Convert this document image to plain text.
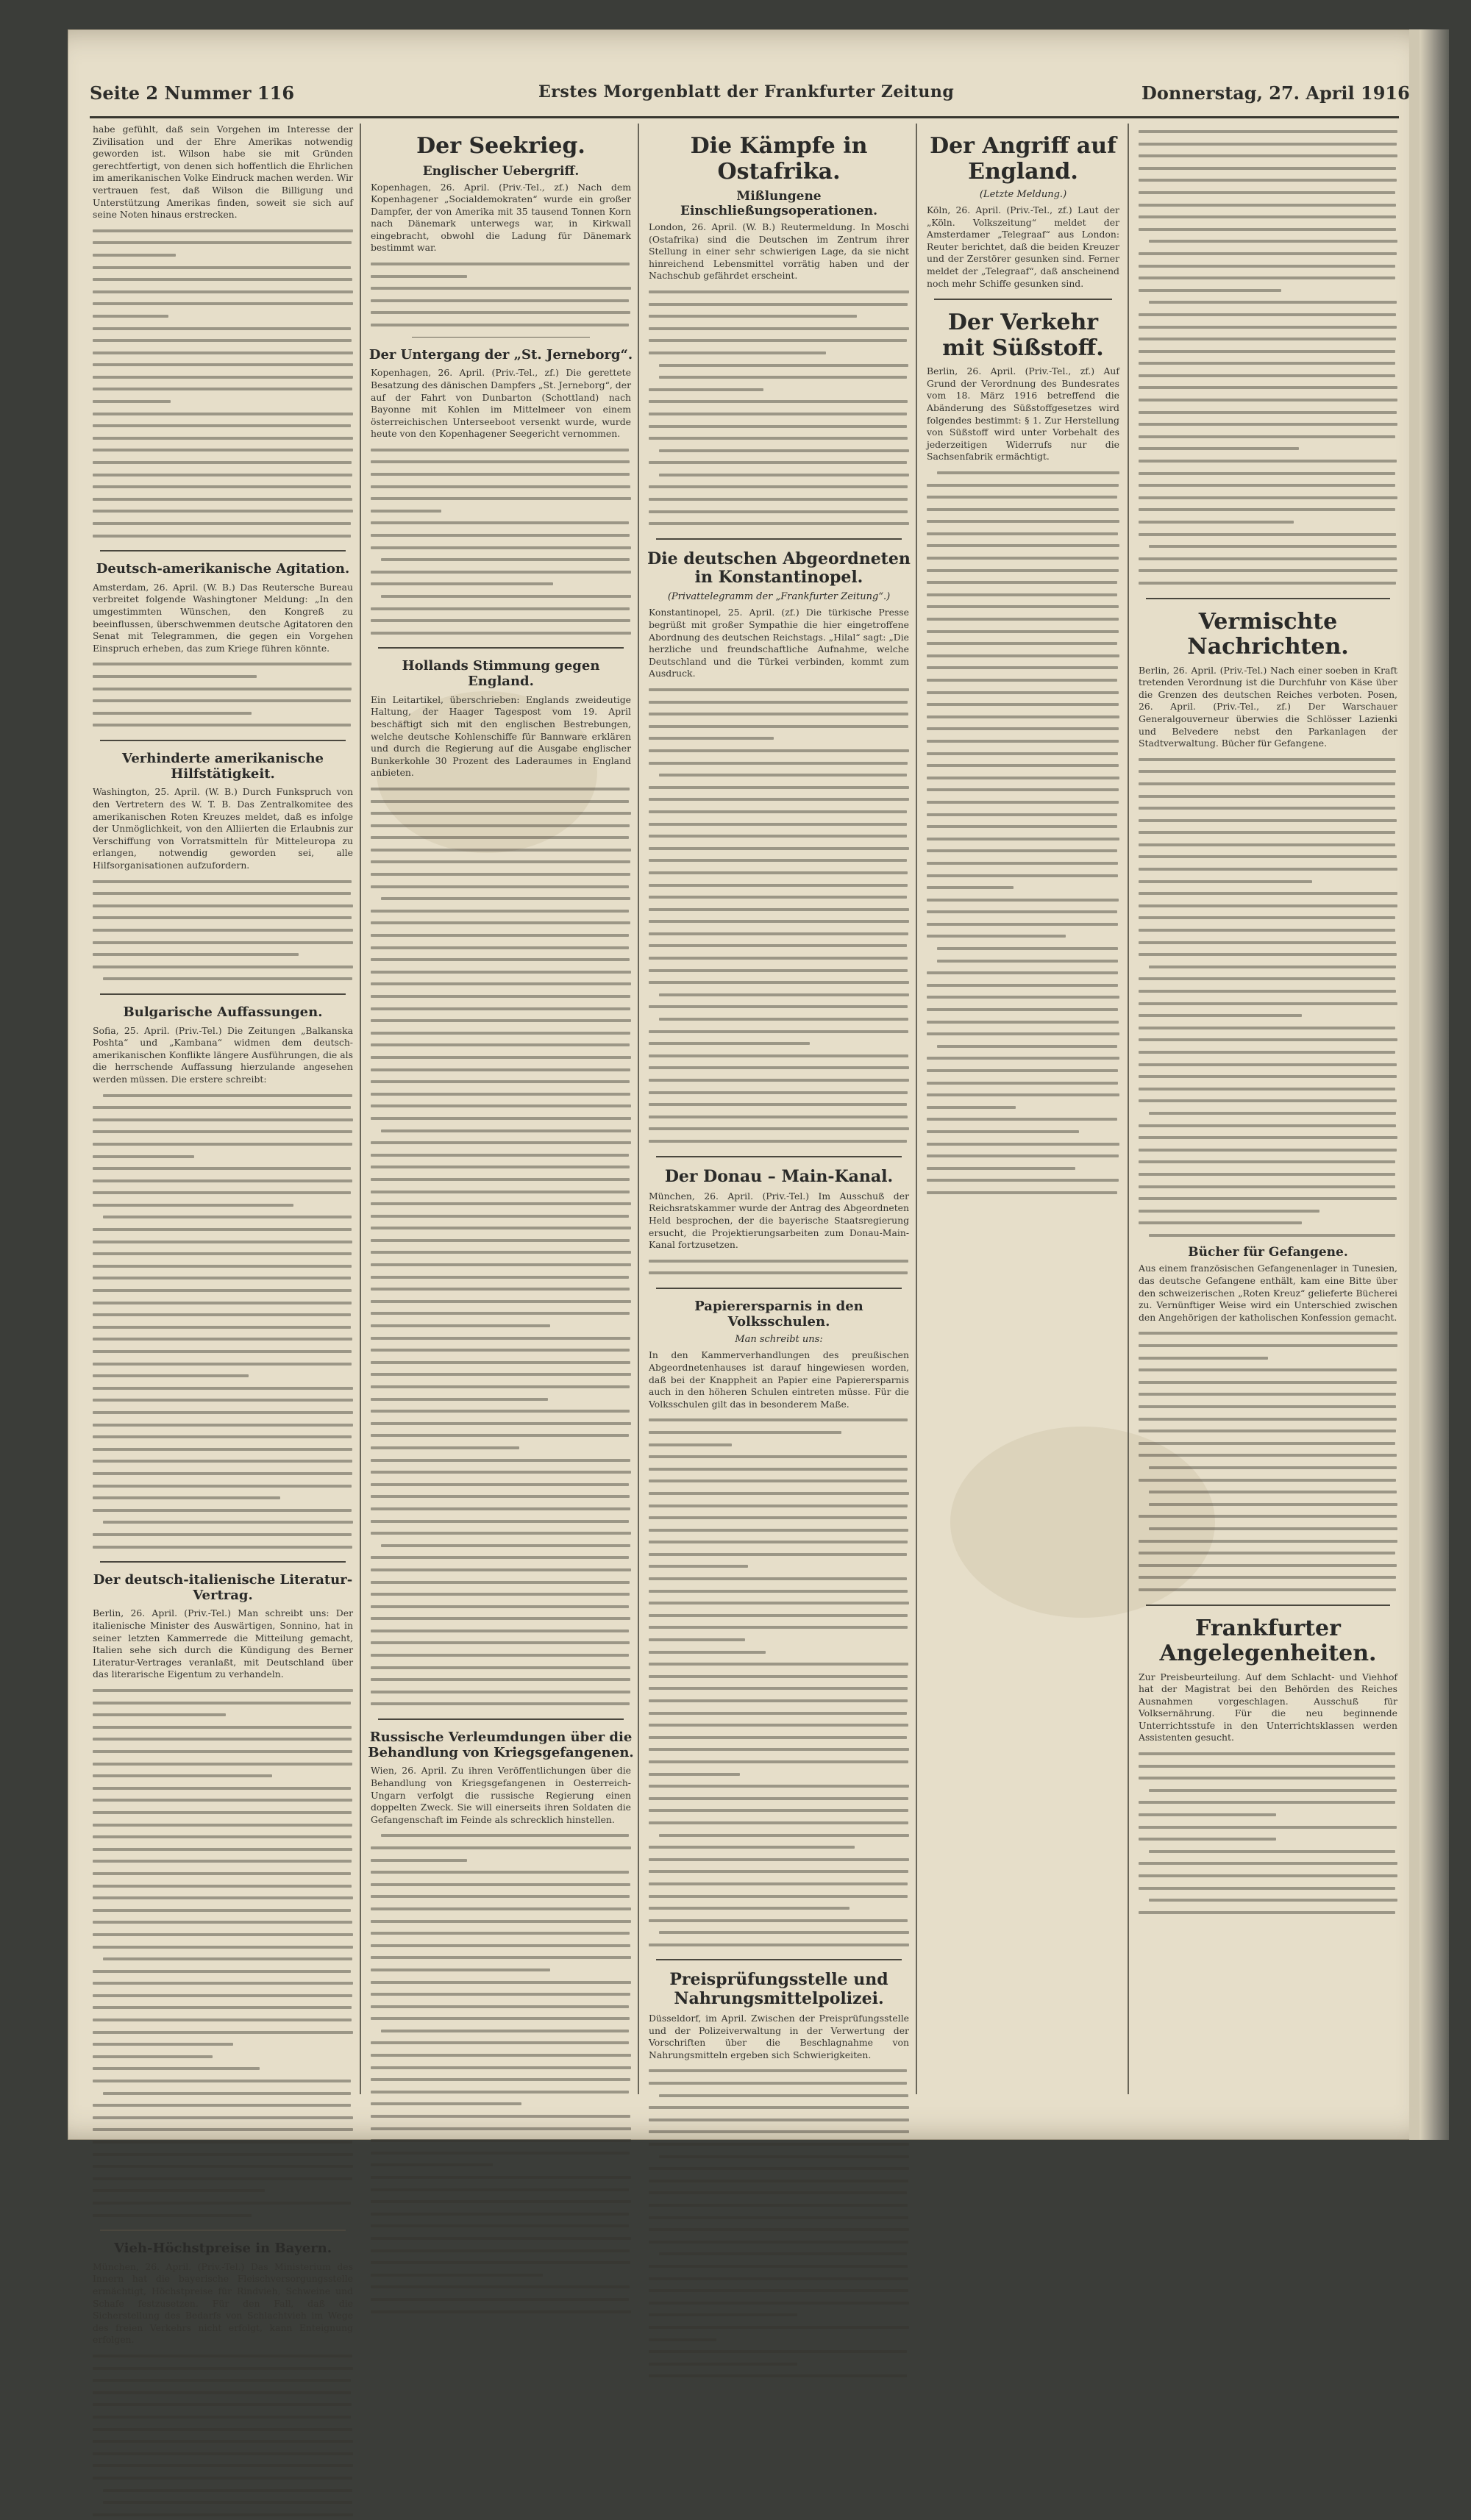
Seite 2 Nummer 116	Erstes Morgenblatt der Frankfurter Zeitung	Donnerstag, 27. April 1916

habe gefühlt, daß sein Vorgehen im Interesse der Zivilisation und der Ehre Amerikas notwendig geworden ist. Wilson habe sie mit Gründen gerechtfertigt, von denen sich hoffentlich die Ehrlichen im amerikanischen Volke Eindruck machen werden. Wir vertrauen fest, daß Wilson die Billigung und Unterstützung Amerikas finden, soweit sie sich auf seine Noten hinaus erstrecken.

Deutsch-amerikanische Agitation.

Amsterdam, 26. April. (W. B.) Das Reutersche Bureau verbreitet folgende Washingtoner Meldung: „In den umgestimmten Wünschen, den Kongreß zu beeinflussen, überschwemmen deutsche Agitatoren den Senat mit Telegrammen, die gegen ein Vorgehen Einspruch erheben, das zum Kriege führen könnte.

Verhinderte amerikanische Hilfstätigkeit.

Washington, 25. April. (W. B.) Durch Funkspruch von den Vertretern des W. T. B. Das Zentralkomitee des amerikanischen Roten Kreuzes meldet, daß es infolge der Unmöglichkeit, von den Alliierten die Erlaubnis zur Verschiffung von Vorratsmitteln für Mitteleuropa zu erlangen, notwendig geworden sei, alle Hilfsorganisationen aufzufordern.

Bulgarische Auffassungen.

Sofia, 25. April. (Priv.-Tel.) Die Zeitungen „Balkanska Poshta“ und „Kambana“ widmen dem deutsch-amerikanischen Konflikte längere Ausführungen, die als die herrschende Auffassung hierzulande angesehen werden müssen. Die erstere schreibt:

Der deutsch-italienische Literatur-Vertrag.

Berlin, 26. April. (Priv.-Tel.) Man schreibt uns: Der italienische Minister des Auswärtigen, Sonnino, hat in seiner letzten Kammerrede die Mitteilung gemacht, Italien sehe sich durch die Kündigung des Berner Literatur-Vertrages veranlaßt, mit Deutschland über das literarische Eigentum zu verhandeln.

Vieh-Höchstpreise in Bayern.

München, 26. April. (Priv.-Tel.) Das Ministerium des Innern hat die bayerische Fleischversorgungsstelle ermächtigt, Höchstpreise für Rindvieh, Schweine und Schafe festzusetzen. Für den Fall, daß die Sicherstellung des Bedarfs von Schlachtvieh im Wege des freien Verkehrs nicht erfolgt, kann Enteignung erfolgen.

Der Seekrieg.
Englischer Uebergriff.

Kopenhagen, 26. April. (Priv.-Tel., zf.) Nach dem Kopenhagener „Socialdemokraten“ wurde ein großer Dampfer, der von Amerika mit 35 tausend Tonnen Korn nach Dänemark unterwegs war, in Kirkwall eingebracht, obwohl die Ladung für Dänemark bestimmt war.

Der Untergang der „St. Jerneborg“.

Kopenhagen, 26. April. (Priv.-Tel., zf.) Die gerettete Besatzung des dänischen Dampfers „St. Jerneborg“, der auf der Fahrt von Dunbarton (Schottland) nach Bayonne mit Kohlen im Mittelmeer von einem österreichischen Unterseeboot versenkt wurde, wurde heute von den Kopenhagener Seegericht vernommen.

Hollands Stimmung gegen England.

Ein Leitartikel, überschrieben: Englands zweideutige Haltung, der Haager Tagespost vom 19. April beschäftigt sich mit den englischen Bestrebungen, welche deutsche Kohlenschiffe für Bannware erklären und durch die Regierung auf die Ausgabe englischer Bunkerkohle 30 Prozent des Laderaumes in England anbieten.

Russische Verleumdungen über die Behandlung von Kriegsgefangenen.

Wien, 26. April. Zu ihren Veröffentlichungen über die Behandlung von Kriegsgefangenen in Oesterreich-Ungarn verfolgt die russische Regierung einen doppelten Zweck. Sie will einerseits ihren Soldaten die Gefangenschaft im Feinde als schrecklich hinstellen.

Die Kämpfe in Ostafrika.
Mißlungene Einschließungsoperationen.

London, 26. April. (W. B.) Reutermeldung. In Moschi (Ostafrika) sind die Deutschen im Zentrum ihrer Stellung in einer sehr schwierigen Lage, da sie nicht hinreichend Lebensmittel vorrätig haben und der Nachschub gefährdet erscheint.

Die deutschen Abgeordneten in Konstantinopel.
(Privattelegramm der „Frankfurter Zeitung“.)

Konstantinopel, 25. April. (zf.) Die türkische Presse begrüßt mit großer Sympathie die hier eingetroffene Abordnung des deutschen Reichstags. „Hilal“ sagt: „Die herzliche und freundschaftliche Aufnahme, welche Deutschland und die Türkei verbinden, kommt zum Ausdruck.

Der Donau – Main-Kanal.

München, 26. April. (Priv.-Tel.) Im Ausschuß der Reichsratskammer wurde der Antrag des Abgeordneten Held besprochen, der die bayerische Staatsregierung ersucht, die Projektierungsarbeiten zum Donau-Main-Kanal fortzusetzen.

Papierersparnis in den Volksschulen.
Man schreibt uns:

In den Kammerverhandlungen des preußischen Abgeordnetenhauses ist darauf hingewiesen worden, daß bei der Knappheit an Papier eine Papierersparnis auch in den höheren Schulen eintreten müsse. Für die Volksschulen gilt das in besonderem Maße.

Preisprüfungsstelle und Nahrungsmittelpolizei.

Düsseldorf, im April. Zwischen der Preisprüfungsstelle und der Polizeiverwaltung in der Verwertung der Vorschriften über die Beschlagnahme von Nahrungsmitteln ergeben sich Schwierigkeiten.

Der Angriff auf England.
(Letzte Meldung.)

Köln, 26. April. (Priv.-Tel., zf.) Laut der „Köln. Volkszeitung“ meldet der Amsterdamer „Telegraaf“ aus London: Reuter berichtet, daß die beiden Kreuzer und der Zerstörer gesunken sind. Ferner meldet der „Telegraaf“, daß anscheinend noch mehr Schiffe gesunken sind.

Der Verkehr mit Süßstoff.

Berlin, 26. April. (Priv.-Tel., zf.) Auf Grund der Verordnung des Bundesrates vom 18. März 1916 betreffend die Abänderung des Süßstoffgesetzes wird folgendes bestimmt: § 1. Zur Herstellung von Süßstoff wird unter Vorbehalt des jederzeitigen Widerrufs nur die Sachsenfabrik ermächtigt.

Vermischte Nachrichten.

Berlin, 26. April. (Priv.-Tel.) Nach einer soeben in Kraft tretenden Verordnung ist die Durchfuhr von Käse über die Grenzen des deutschen Reiches verboten. Posen, 26. April. (Priv.-Tel., zf.) Der Warschauer Generalgouverneur überwies die Schlösser Lazienki und Belvedere nebst den Parkanlagen der Stadtverwaltung. Bücher für Gefangene.

Bücher für Gefangene.

Aus einem französischen Gefangenenlager in Tunesien, das deutsche Gefangene enthält, kam eine Bitte über den schweizerischen „Roten Kreuz“ gelieferte Bücherei zu. Vernünftiger Weise wird ein Unterschied zwischen den Angehörigen der katholischen Konfession gemacht.

Frankfurter Angelegenheiten.

Zur Preisbeurteilung. Auf dem Schlacht- und Viehhof hat der Magistrat bei den Behörden des Reiches Ausnahmen vorgeschlagen. Ausschuß für Volksernährung. Für die neu beginnende Unterrichtsstufe in den Unterrichtsklassen werden Assistenten gesucht.
